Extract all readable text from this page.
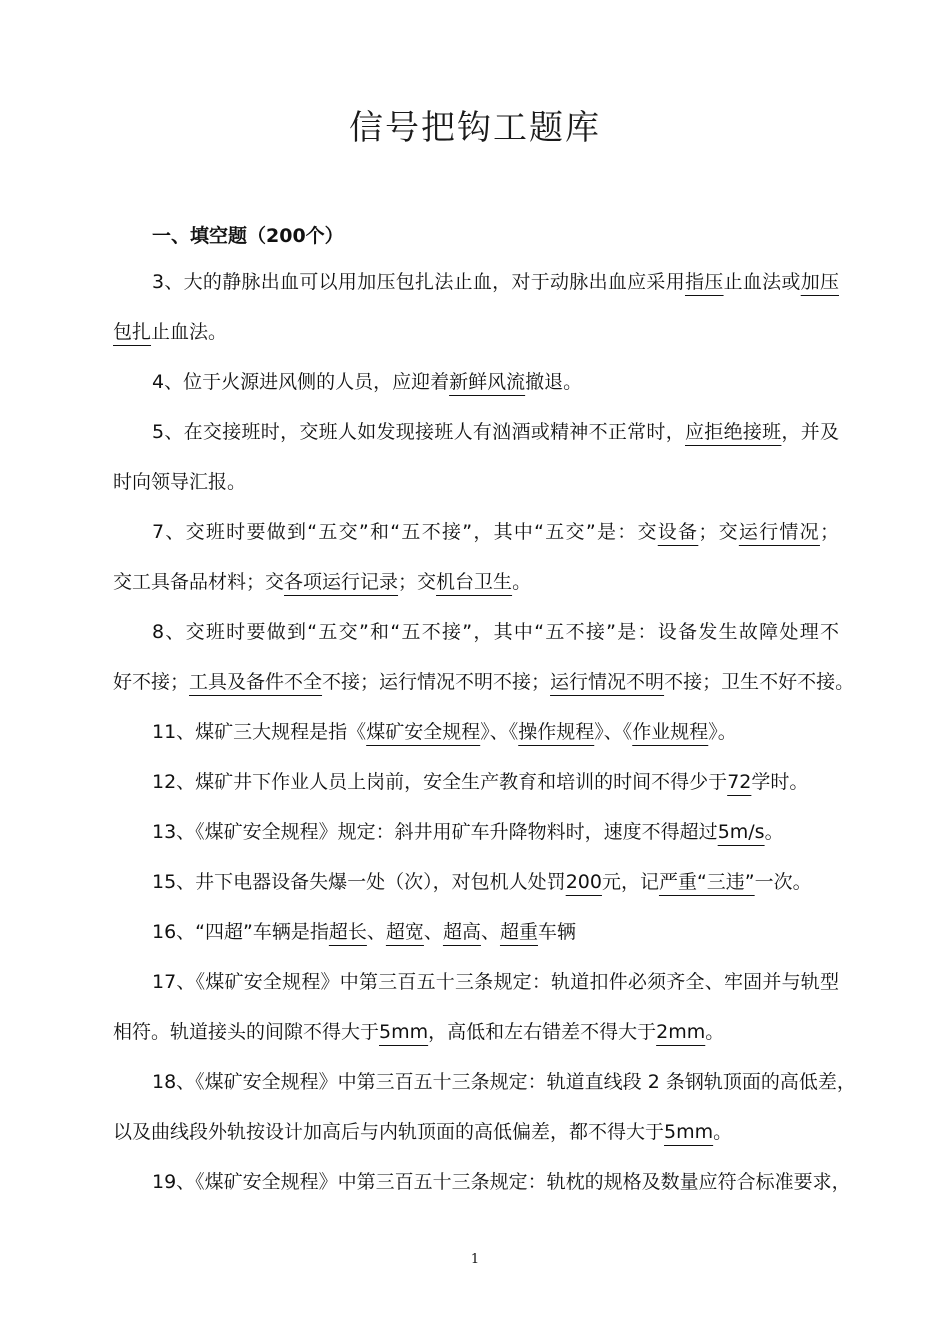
信号把钩工题库
一、填空题（200个）
3、大的静脉出血可以用加压包扎法止血，对于动脉出血应采用指压止血法或加压
包扎止血法。
4、位于火源进风侧的人员，应迎着新鲜风流撤退。
5、在交接班时，交班人如发现接班人有汹酒或精神不正常时，应拒绝接班，并及
时向领导汇报。
7、交班时要做到“五交”和“五不接”，其中“五交”是：交设备；交运行情况；
交工具备品材料；交各项运行记录；交机台卫生。
8、交班时要做到“五交”和“五不接”，其中“五不接”是：设备发生故障处理不
好不接；工具及备件不全不接；运行情况不明不接；运行情况不明不接；卫生不好不接。
11、煤矿三大规程是指《煤矿安全规程》、《操作规程》、《作业规程》。
12、煤矿井下作业人员上岗前，安全生产教育和培训的时间不得少于72学时。
13、《煤矿安全规程》规定：斜井用矿车升降物料时，速度不得超过5m/s。
15、井下电器设备失爆一处（次），对包机人处罚200元，记严重“三违”一次。
16、“四超”车辆是指超长、超宽、超高、超重车辆
17、《煤矿安全规程》中第三百五十三条规定：轨道扣件必须齐全、牢固并与轨型
相符。轨道接头的间隙不得大于5mm，高低和左右错差不得大于2mm。
18、《煤矿安全规程》中第三百五十三条规定：轨道直线段 2 条钢轨顶面的高低差，
以及曲线段外轨按设计加高后与内轨顶面的高低偏差，都不得大于5mm。
19、《煤矿安全规程》中第三百五十三条规定：轨枕的规格及数量应符合标准要求，
1
